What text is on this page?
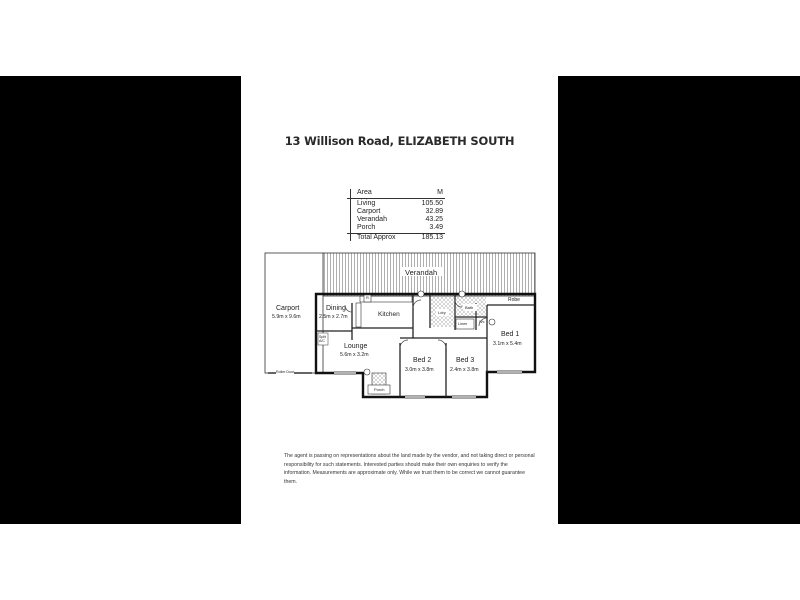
13 Willison Road, ELIZABETH SOUTH
Area	M
Living	105.50
Carport	32.89
Verandah	43.25
Porch	3.49
Total Approx	185.13
Verandah
Carport
5.9m x 9.6m
Roller Door
Dining
2.5m x 2.7m
R
Kitchen	Ldry
Bath
Linen	Wc
Robe
Bed 1
3.1m x 5.4m
Split A/C
Lounge
5.6m x 3.2m
Bed 2
3.0m x 3.8m
Bed 3
2.4m x 3.8m
Porch
The agent is passing on representations about the land made by the vendor, and not taking direct or personal responsibility for such statements. Interested parties should make their own enquiries to verify the information. Measurements are approximate only. While we trust them to be correct we cannot guarantee them.
